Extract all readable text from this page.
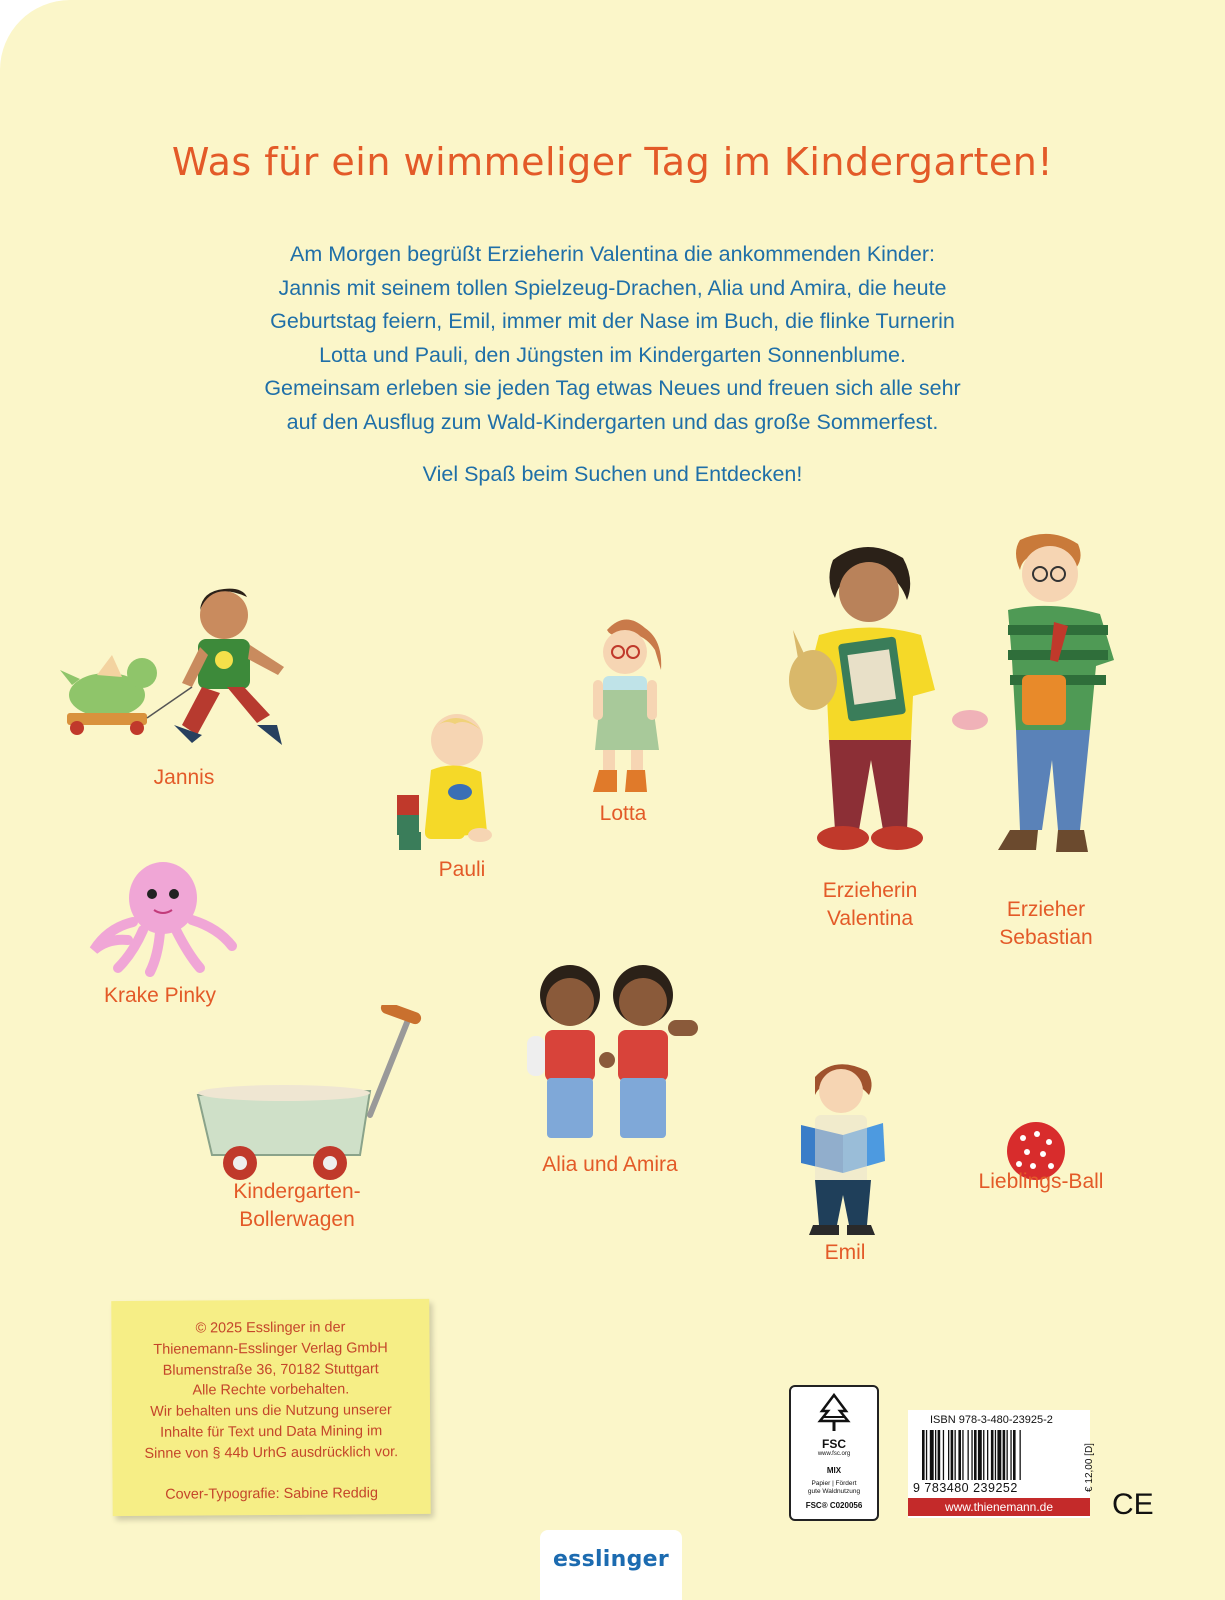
Was für ein wimmeliger Tag im Kindergarten!
Am Morgen begrüßt Erzieherin Valentina die ankommenden Kinder:
Jannis mit seinem tollen Spielzeug-Drachen, Alia und Amira, die heute
Geburtstag feiern, Emil, immer mit der Nase im Buch, die flinke Turnerin
Lotta und Pauli, den Jüngsten im Kindergarten Sonnenblume.
Gemeinsam erleben sie jeden Tag etwas Neues und freuen sich alle sehr
auf den Ausflug zum Wald-Kindergarten und das große Sommerfest.
Viel Spaß beim Suchen und Entdecken!
Jannis
Pauli
Lotta
Erzieherin
Valentina	Erzieher
Sebastian
Krake Pinky
Kindergarten-
Bollerwagen
Alia und Amira
Emil
Lieblings-Ball
© 2025 Esslinger in der
Thienemann-Esslinger Verlag GmbH
Blumenstraße 36, 70182 Stuttgart
Alle Rechte vorbehalten.
Wir behalten uns die Nutzung unserer
Inhalte für Text und Data Mining im
Sinne von § 44b UrhG ausdrücklich vor.
Cover-Typografie: Sabine Reddig
FSC
www.fsc.org
MIX
Papier | Fördert
gute Waldnutzung
FSC® C020056
ISBN 978-3-480-23925-2
9 783480 239252	€ 12,00 [D]
www.thienemann.de	CE
esslinger
